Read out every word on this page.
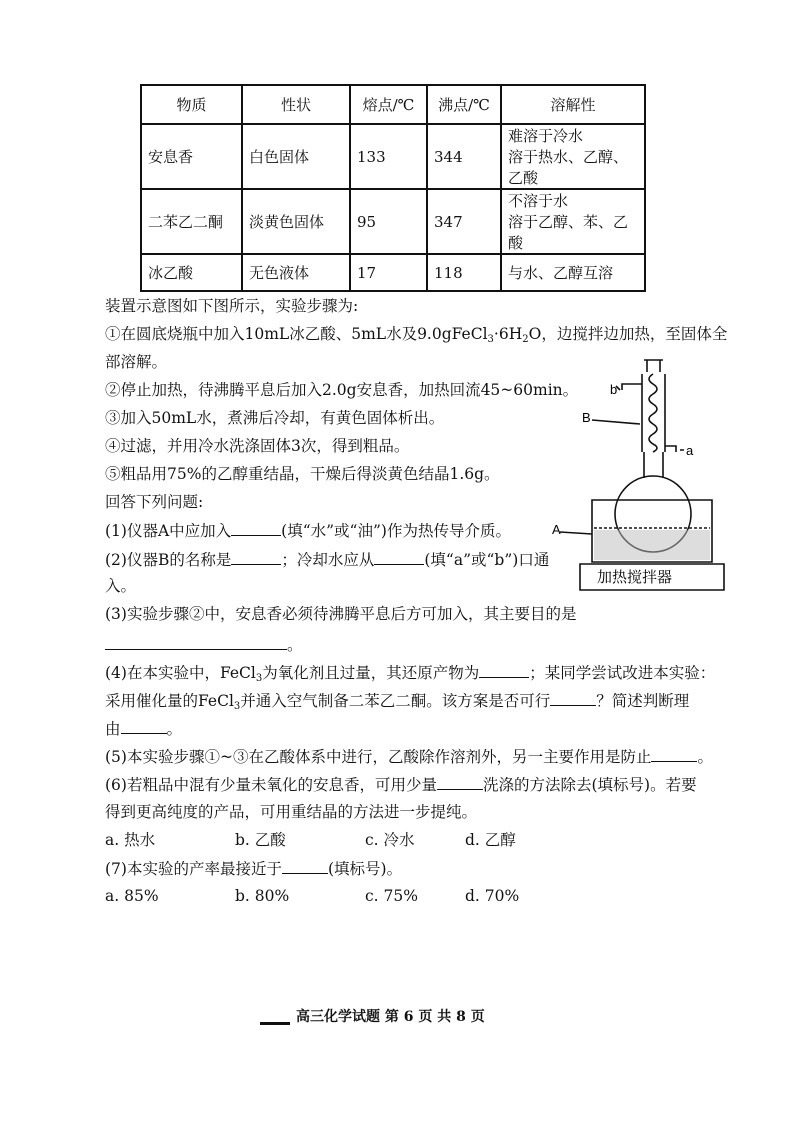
物质	性状	熔点/℃	沸点/℃	溶解性
安息香	白色固体	133	344	难溶于冷水
溶于热水、乙醇、乙酸

二苯乙二酮	淡黄色固体	95	347	不溶于水
溶于乙醇、苯、乙酸

冰乙酸	无色液体	17	118	与水、乙醇互溶
装置示意图如下图所示，实验步骤为:
①在圆底烧瓶中加入10mL冰乙酸、5mL水及$9.0gFeCl_3\cdot 6H_2O$，边搅拌边加热，至固体全
部溶解。
②停止加热，待沸腾平息后加入2.0g安息香，加热回流45~60min。
③加入50mL水，煮沸后冷却，有黄色固体析出。
④过滤，并用冷水洗涤固体3次，得到粗品。
⑤粗品用75%的乙醇重结晶，干燥后得淡黄色结晶1.6g。
回答下列问题:
(1)仪器A中应加入	(填“水”或“油”)作为热传导介质。
(2)仪器B的名称是	；冷却水应从	(填“a”或“b”)口通
入。
(3)实验步骤②中，安息香必须待沸腾平息后方可加入，其主要目的是
。
(4)在本实验中，FeCl$_3$为氧化剂且过量，其还原产物为	；某同学尝试改进本实验：
采用催化量的FeCl$_3$并通入空气制备二苯乙二酮。该方案是否可行	？简述判断理
由	。
(5)本实验步骤①~③在乙酸体系中进行，乙酸除作溶剂外，另一主要作用是防止	。
(6)若粗品中混有少量未氧化的安息香，可用少量	洗涤的方法除去(填标号)。若要
得到更高纯度的产品，可用重结晶的方法进一步提纯。
a. 热水	b. 乙酸	c. 冷水	d. 乙醇
(7)本实验的产率最接近于	(填标号)。
a. 85%	b. 80%	c. 75%	d. 70%
b
B
a
A
加热搅拌器
高三化学试题 第 6 页 共 8 页
